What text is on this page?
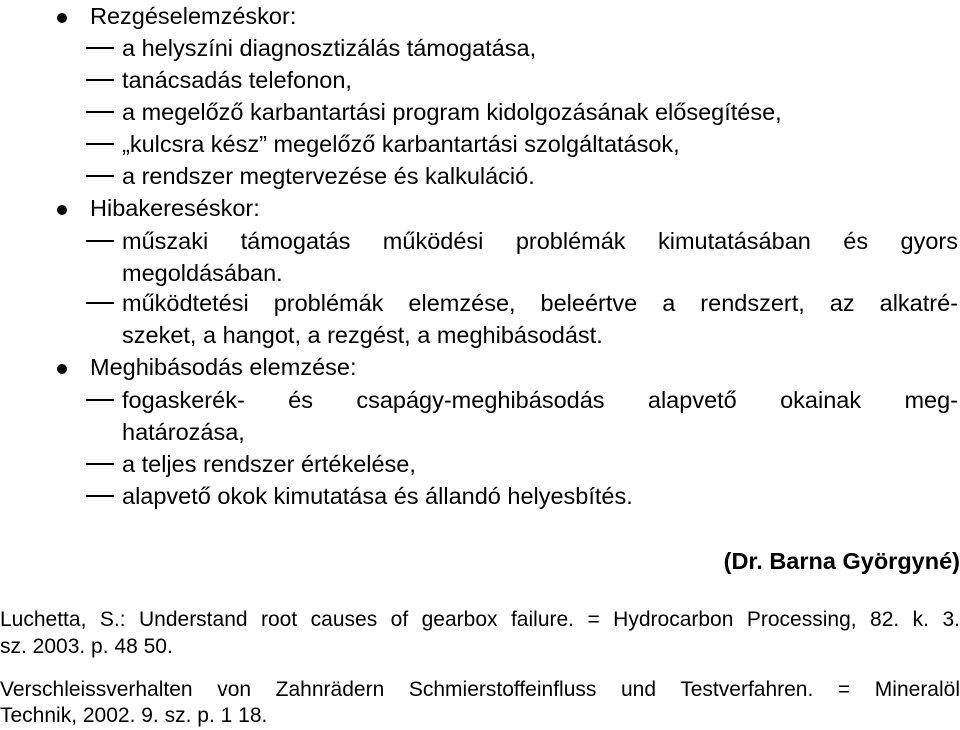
Rezgéselemzéskor:
a helyszíni diagnosztizálás támogatása,
tanácsadás telefonon,
a megelőző karbantartási program kidolgozásának elősegítése,
„kulcsra kész” megelőző karbantartási szolgáltatások,
a rendszer megtervezése és kalkuláció.
Hibakereséskor:
műszaki támogatás működési problémák kimutatásában és gyors
megoldásában.
működtetési problémák elemzése, beleértve a rendszert, az alkatré-
szeket, a hangot, a rezgést, a meghibásodást.
Meghibásodás elemzése:
fogaskerék- és csapágy-meghibásodás alapvető okainak meg-
határozása,
a teljes rendszer értékelése,
alapvető okok kimutatása és állandó helyesbítés.
(Dr. Barna Györgyné)
Luchetta, S.: Understand root causes of gearbox failure. = Hydrocarbon Processing, 82. k. 3.
sz. 2003. p. 48 50.
Verschleissverhalten von Zahnrädern Schmierstoffeinfluss und Testverfahren. = Mineralöl
Technik, 2002. 9. sz. p. 1 18.
